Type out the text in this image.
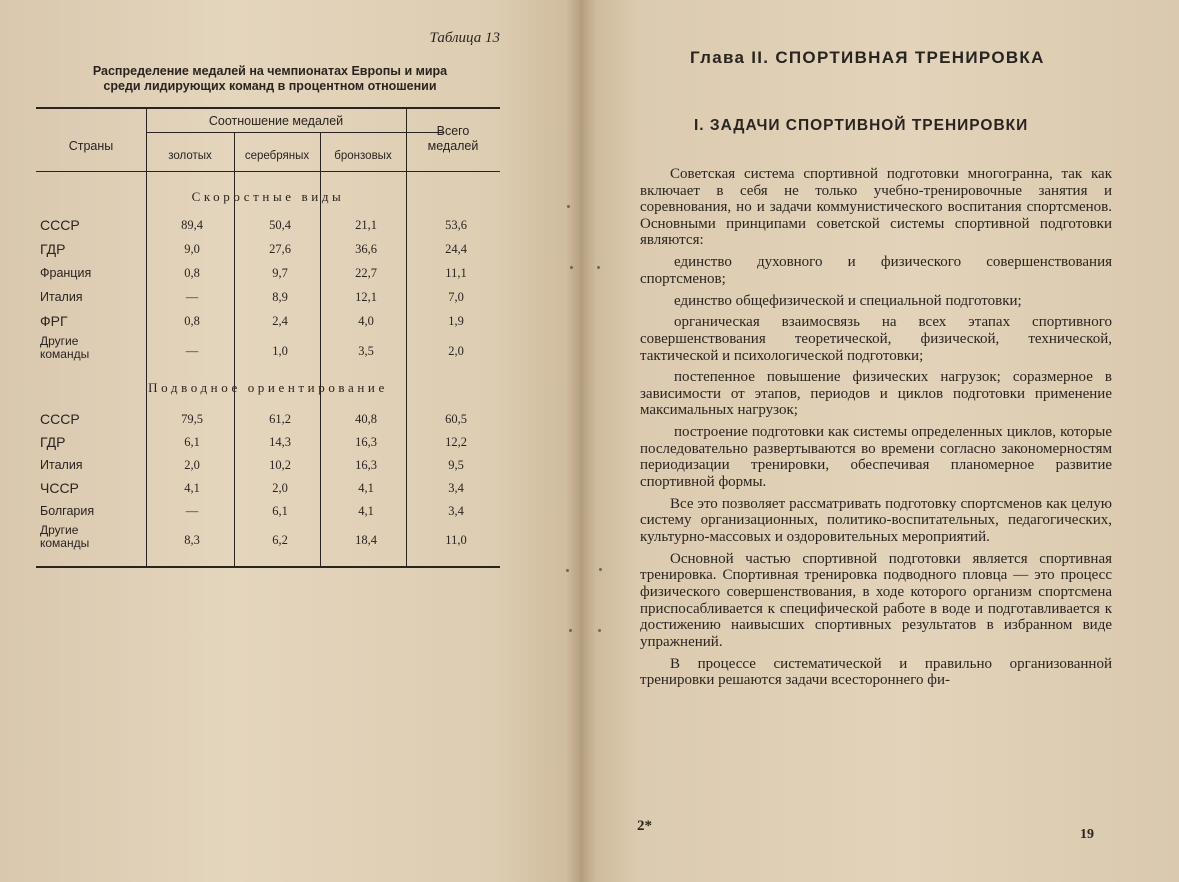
Таблица 13
Распределение медалей на чемпионатах Европы и мира
среди лидирующих команд в процентном отношении
Страны
Соотношение медалей
золотых	серебряных	бронзовых
Всего медалей
Скоростные виды
СССР	89,4	50,4	21,1	53,6
ГДР	9,0	27,6	36,6	24,4
Франция	0,8	9,7	22,7	11,1
Италия	—	8,9	12,1	7,0
ФРГ	0,8	2,4	4,0	1,9
Другие команды	—	1,0	3,5	2,0
Подводное ориентирование
СССР	79,5	61,2	40,8	60,5
ГДР	6,1	14,3	16,3	12,2
Италия	2,0	10,2	16,3	9,5
ЧССР	4,1	2,0	4,1	3,4
Болгария	—	6,1	4,1	3,4
Другие команды	8,3	6,2	18,4	11,0
Глава II. СПОРТИВНАЯ ТРЕНИРОВКА
I. ЗАДАЧИ СПОРТИВНОЙ ТРЕНИРОВКИ

Советская система спортивной подготовки многогранна, так как включает в себя не только учебно-тренировочные занятия и соревнования, но и задачи коммунистического воспитания спортсменов. Основными принципами советской системы спортивной подготовки являются:

единство духовного и физического совершенствования спортсменов;

единство общефизической и специальной подготовки;

органическая взаимосвязь на всех этапах спортивного совершенствования теоретической, физической, технической, тактической и психологической подготовки;

постепенное повышение физических нагрузок; соразмерное в зависимости от этапов, периодов и циклов подготовки применение максимальных нагрузок;

построение подготовки как системы определенных циклов, которые последовательно развертываются во времени согласно закономерностям периодизации тренировки, обеспечивая планомерное развитие спортивной формы.

Все это позволяет рассматривать подготовку спортсменов как целую систему организационных, политико-воспитательных, педагогических, культурно-массовых и оздоровительных мероприятий.

Основной частью спортивной подготовки является спортивная тренировка. Спортивная тренировка подводного пловца — это процесс физического совершенствования, в ходе которого организм спортсмена приспосабливается к специфической работе в воде и подготавливается к достижению наивысших спортивных результатов в избранном виде упражнений.

В процессе систематической и правильно организованной тренировки решаются задачи всестороннего фи-

2*
19
